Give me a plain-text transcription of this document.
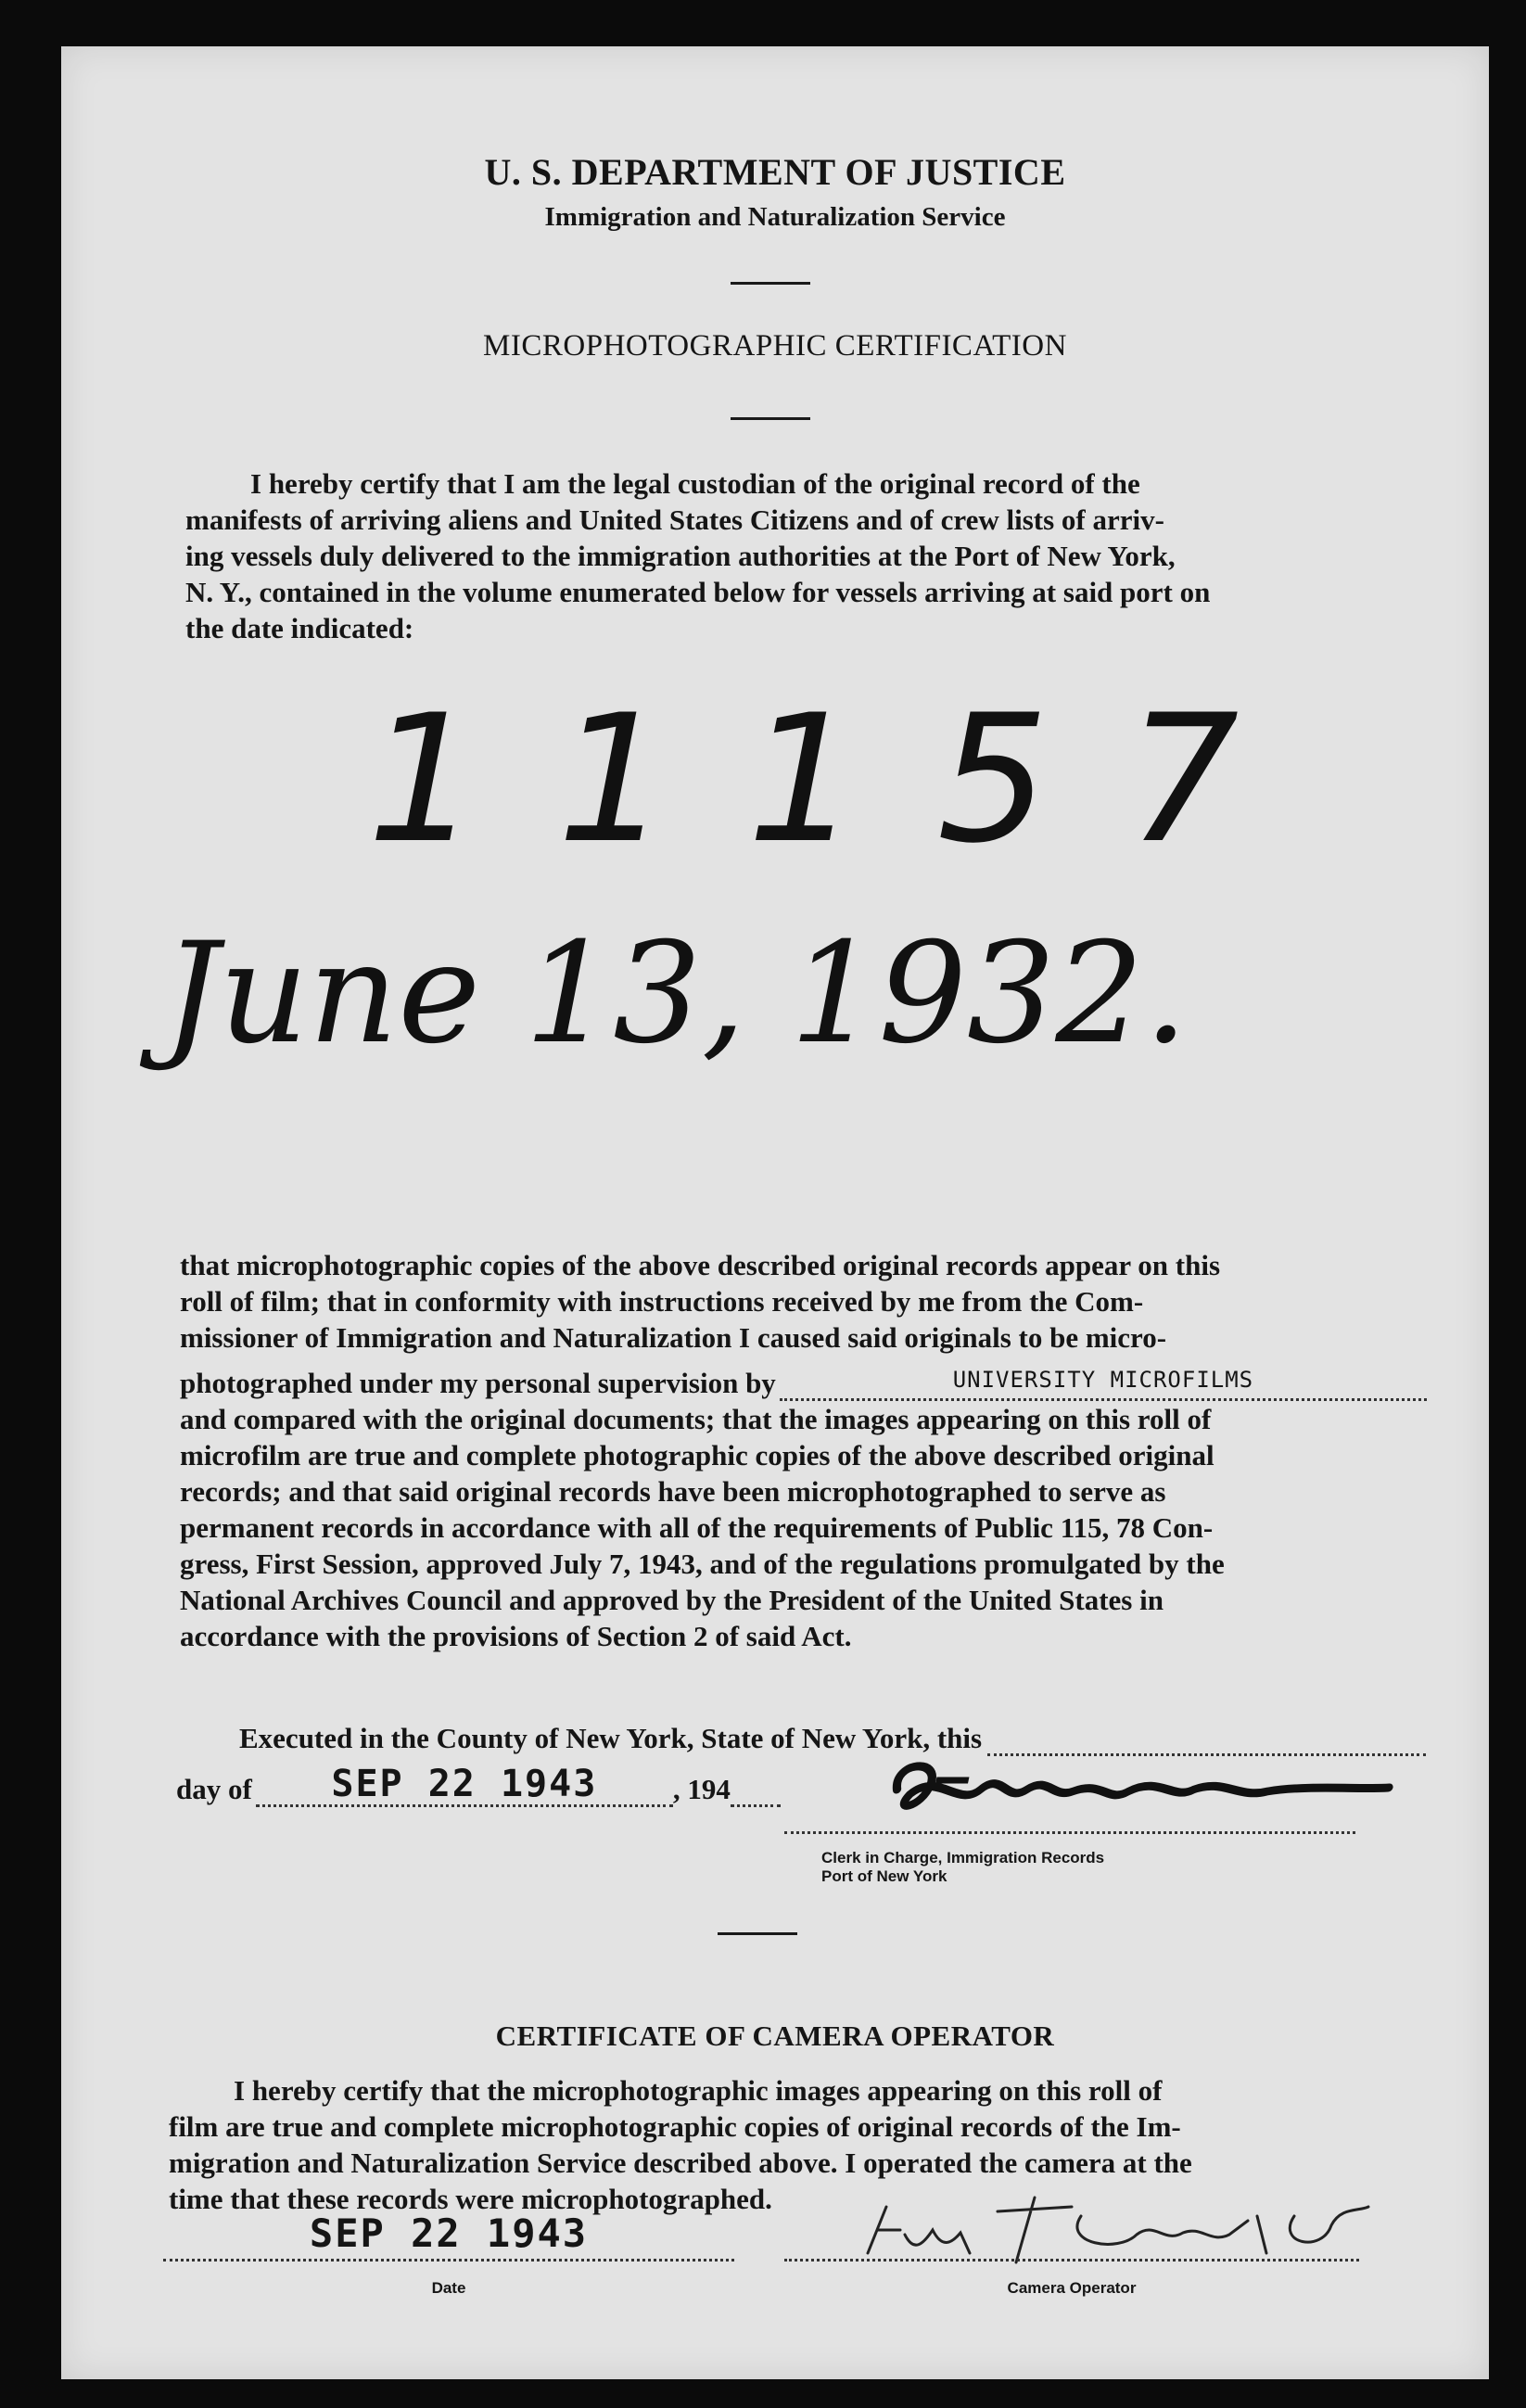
U. S. DEPARTMENT OF JUSTICE
Immigration and Naturalization Service
MICROPHOTOGRAPHIC CERTIFICATION

I hereby certify that I am the legal custodian of the original record of the

manifests of arriving aliens and United States Citizens and of crew lists of arriv-

ing vessels duly delivered to the immigration authorities at the Port of New York,

N. Y., contained in the volume enumerated below for vessels arriving at said port on

the date indicated:

11157
June 13, 1932.

that microphotographic copies of the above described original records appear on this

roll of film; that in conformity with instructions received by me from the Com-

missioner of Immigration and Naturalization I caused said originals to be micro-

photographed under my personal supervision by	UNIVERSITY MICROFILMS

and compared with the original documents; that the images appearing on this roll of

microfilm are true and complete photographic copies of the above described original

records; and that said original records have been microphotographed to serve as

permanent records in accordance with all of the requirements of Public 115, 78 Con-

gress, First Session, approved July 7, 1943, and of the regulations promulgated by the

National Archives Council and approved by the President of the United States in

accordance with the provisions of Section 2 of said Act.

Executed in the County of New York, State of New York, this
day of	SEP 22 1943	, 194
Clerk in Charge, Immigration Records
Port of New York
CERTIFICATE OF CAMERA OPERATOR

I hereby certify that the microphotographic images appearing on this roll of

film are true and complete microphotographic copies of original records of the Im-

migration and Naturalization Service described above. I operated the camera at the

time that these records were microphotographed.

SEP 22 1943
Date	Camera Operator
